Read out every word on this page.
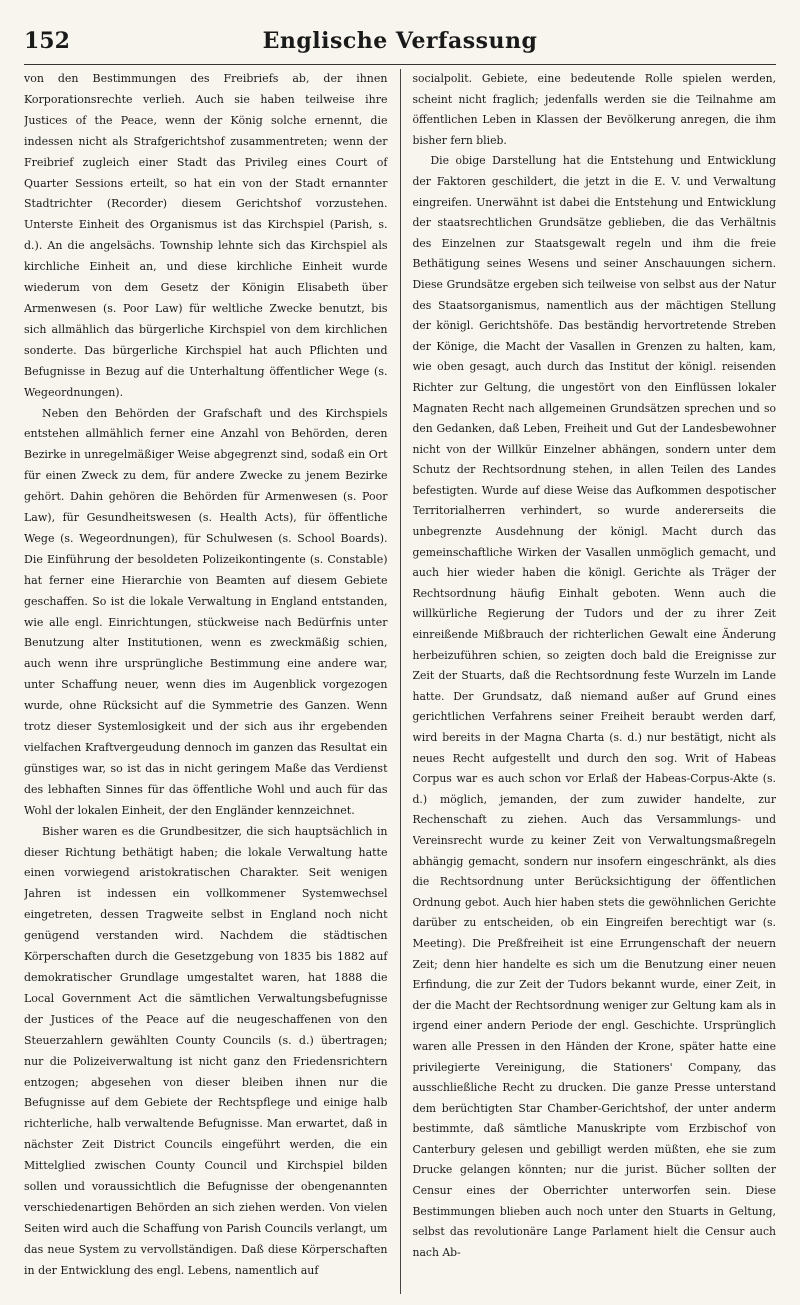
152	Englische Verfassung

von den Bestimmungen des Freibriefs ab, der ihnen Korporationsrechte verlieh. Auch sie haben teilweise ihre Justices of the Peace, wenn der König solche ernennt, die indessen nicht als Strafgerichtshof zusammentreten; wenn der Freibrief zugleich einer Stadt das Privileg eines Court of Quarter Sessions erteilt, so hat ein von der Stadt ernannter Stadtrichter (Recorder) diesem Gerichtshof vorzustehen. Unterste Einheit des Organismus ist das Kirchspiel (Parish, s. d.). An die angelsächs. Township lehnte sich das Kirchspiel als kirchliche Einheit an, und diese kirchliche Einheit wurde wiederum von dem Gesetz der Königin Elisabeth über Armenwesen (s. Poor Law) für weltliche Zwecke benutzt, bis sich allmählich das bürgerliche Kirchspiel von dem kirchlichen sonderte. Das bürgerliche Kirchspiel hat auch Pflichten und Befugnisse in Bezug auf die Unterhaltung öffentlicher Wege (s. Wegeordnungen).

Neben den Behörden der Grafschaft und des Kirchspiels entstehen allmählich ferner eine Anzahl von Behörden, deren Bezirke in unregelmäßiger Weise abgegrenzt sind, sodaß ein Ort für einen Zweck zu dem, für andere Zwecke zu jenem Bezirke gehört. Dahin gehören die Behörden für Armenwesen (s. Poor Law), für Gesundheitswesen (s. Health Acts), für öffentliche Wege (s. Wegeordnungen), für Schulwesen (s. School Boards). Die Einführung der besoldeten Polizeikontingente (s. Constable) hat ferner eine Hierarchie von Beamten auf diesem Gebiete geschaffen. So ist die lokale Verwaltung in England entstanden, wie alle engl. Einrichtungen, stückweise nach Bedürfnis unter Benutzung alter Institutionen, wenn es zweckmäßig schien, auch wenn ihre ursprüngliche Bestimmung eine andere war, unter Schaffung neuer, wenn dies im Augenblick vorgezogen wurde, ohne Rücksicht auf die Symmetrie des Ganzen. Wenn trotz dieser Systemlosigkeit und der sich aus ihr ergebenden vielfachen Kraftvergeudung dennoch im ganzen das Resultat ein günstiges war, so ist das in nicht geringem Maße das Verdienst des lebhaften Sinnes für das öffentliche Wohl und auch für das Wohl der lokalen Einheit, der den Engländer kennzeichnet.

Bisher waren es die Grundbesitzer, die sich hauptsächlich in dieser Richtung bethätigt haben; die lokale Verwaltung hatte einen vorwiegend aristokratischen Charakter. Seit wenigen Jahren ist indessen ein vollkommener Systemwechsel eingetreten, dessen Tragweite selbst in England noch nicht genügend verstanden wird. Nachdem die städtischen Körperschaften durch die Gesetzgebung von 1835 bis 1882 auf demokratischer Grundlage umgestaltet waren, hat 1888 die Local Government Act die sämtlichen Verwaltungsbefugnisse der Justices of the Peace auf die neugeschaffenen von den Steuerzahlern gewählten County Councils (s. d.) übertragen; nur die Polizeiverwaltung ist nicht ganz den Friedensrichtern entzogen; abgesehen von dieser bleiben ihnen nur die Befugnisse auf dem Gebiete der Rechtspflege und einige halb richterliche, halb verwaltende Befugnisse. Man erwartet, daß in nächster Zeit District Councils eingeführt werden, die ein Mittelglied zwischen County Council und Kirchspiel bilden sollen und voraussichtlich die Befugnisse der obengenannten verschiedenartigen Behörden an sich ziehen werden. Von vielen Seiten wird auch die Schaffung von Parish Councils verlangt, um das neue System zu vervollständigen. Daß diese Körperschaften in der Entwicklung des engl. Lebens, namentlich auf

socialpolit. Gebiete, eine bedeutende Rolle spielen werden, scheint nicht fraglich; jedenfalls werden sie die Teilnahme am öffentlichen Leben in Klassen der Bevölkerung anregen, die ihm bisher fern blieb.

Die obige Darstellung hat die Entstehung und Entwicklung der Faktoren geschildert, die jetzt in die E. V. und Verwaltung eingreifen. Unerwähnt ist dabei die Entstehung und Entwicklung der staatsrechtlichen Grundsätze geblieben, die das Verhältnis des Einzelnen zur Staatsgewalt regeln und ihm die freie Bethätigung seines Wesens und seiner Anschauungen sichern. Diese Grundsätze ergeben sich teilweise von selbst aus der Natur des Staatsorganismus, namentlich aus der mächtigen Stellung der königl. Gerichtshöfe. Das beständig hervortretende Streben der Könige, die Macht der Vasallen in Grenzen zu halten, kam, wie oben gesagt, auch durch das Institut der königl. reisenden Richter zur Geltung, die ungestört von den Einflüssen lokaler Magnaten Recht nach allgemeinen Grundsätzen sprechen und so den Gedanken, daß Leben, Freiheit und Gut der Landesbewohner nicht von der Willkür Einzelner abhängen, sondern unter dem Schutz der Rechtsordnung stehen, in allen Teilen des Landes befestigten. Wurde auf diese Weise das Aufkommen despotischer Territorialherren verhindert, so wurde andererseits die unbegrenzte Ausdehnung der königl. Macht durch das gemeinschaftliche Wirken der Vasallen unmöglich gemacht, und auch hier wieder haben die königl. Gerichte als Träger der Rechtsordnung häufig Einhalt geboten. Wenn auch die willkürliche Regierung der Tudors und der zu ihrer Zeit einreißende Mißbrauch der richterlichen Gewalt eine Änderung herbeizuführen schien, so zeigten doch bald die Ereignisse zur Zeit der Stuarts, daß die Rechtsordnung feste Wurzeln im Lande hatte. Der Grundsatz, daß niemand außer auf Grund eines gerichtlichen Verfahrens seiner Freiheit beraubt werden darf, wird bereits in der Magna Charta (s. d.) nur bestätigt, nicht als neues Recht aufgestellt und durch den sog. Writ of Habeas Corpus war es auch schon vor Erlaß der Habeas-Corpus-Akte (s. d.) möglich, jemanden, der zum zuwider handelte, zur Rechenschaft zu ziehen. Auch das Versammlungs- und Vereinsrecht wurde zu keiner Zeit von Verwaltungsmaßregeln abhängig gemacht, sondern nur insofern eingeschränkt, als dies die Rechtsordnung unter Berücksichtigung der öffentlichen Ordnung gebot. Auch hier haben stets die gewöhnlichen Gerichte darüber zu entscheiden, ob ein Eingreifen berechtigt war (s. Meeting). Die Preßfreiheit ist eine Errungenschaft der neuern Zeit; denn hier handelte es sich um die Benutzung einer neuen Erfindung, die zur Zeit der Tudors bekannt wurde, einer Zeit, in der die Macht der Rechtsordnung weniger zur Geltung kam als in irgend einer andern Periode der engl. Geschichte. Ursprünglich waren alle Pressen in den Händen der Krone, später hatte eine privilegierte Vereinigung, die Stationers' Company, das ausschließliche Recht zu drucken. Die ganze Presse unterstand dem berüchtigten Star Chamber-Gerichtshof, der unter anderm bestimmte, daß sämtliche Manuskripte vom Erzbischof von Canterbury gelesen und gebilligt werden müßten, ehe sie zum Drucke gelangen könnten; nur die jurist. Bücher sollten der Censur eines der Oberrichter unterworfen sein. Diese Bestimmungen blieben auch noch unter den Stuarts in Geltung, selbst das revolutionäre Lange Parlament hielt die Censur auch nach Ab-
